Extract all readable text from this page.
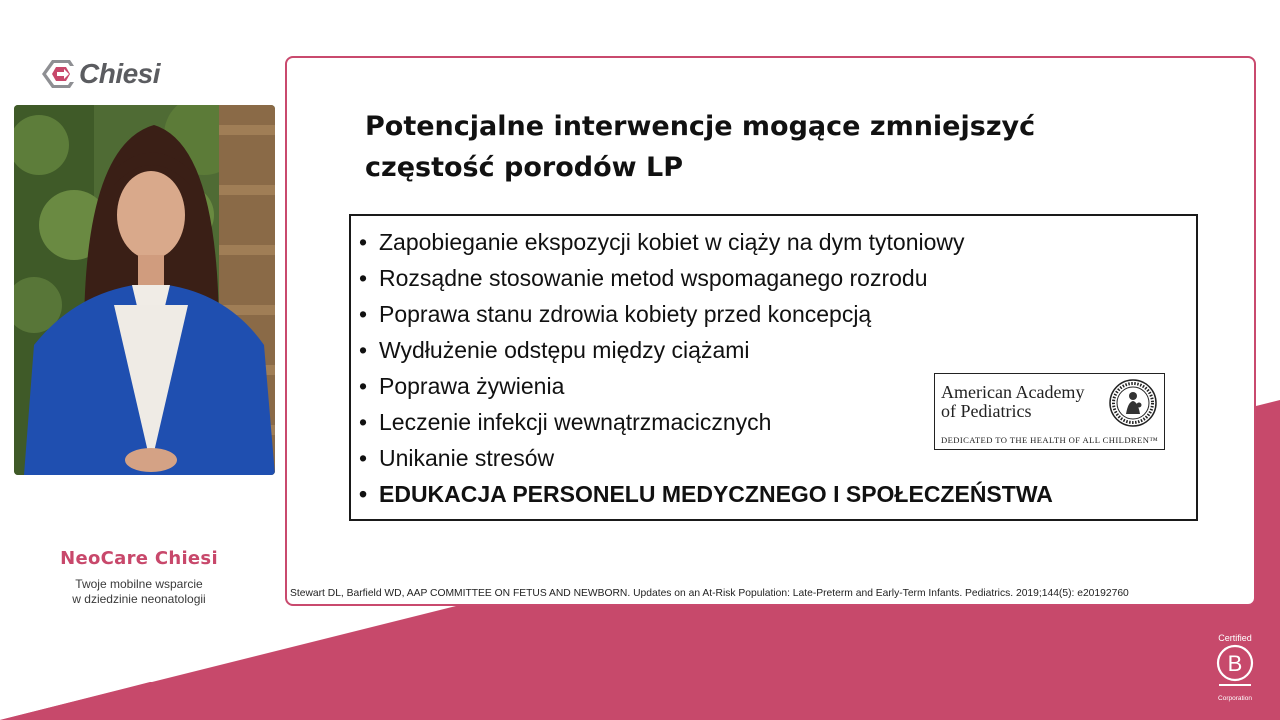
Chiesi
NeoCare Chiesi
Twoje mobilne wsparcie
w dziedzinie neonatologii
Potencjalne interwencje mogące zmniejszyć
częstość porodów LP
• Zapobieganie ekspozycji kobiet w ciąży na dym tytoniowy
• Rozsądne stosowanie metod wspomaganego rozrodu
• Poprawa stanu zdrowia kobiety przed koncepcją
• Wydłużenie odstępu między ciążami
• Poprawa żywienia
• Leczenie infekcji wewnątrzmacicznych
• Unikanie stresów
• EDUKACJA PERSONELU MEDYCZNEGO I SPOŁECZEŃSTWA
American Academy
of Pediatrics
DEDICATED TO THE HEALTH OF ALL CHILDREN™
Stewart DL, Barfield WD, AAP COMMITTEE ON FETUS AND NEWBORN. Updates on an At-Risk Population: Late-Preterm and Early-Term Infants. Pediatrics. 2019;144(5): e20192760
Certified
B
Corporation
